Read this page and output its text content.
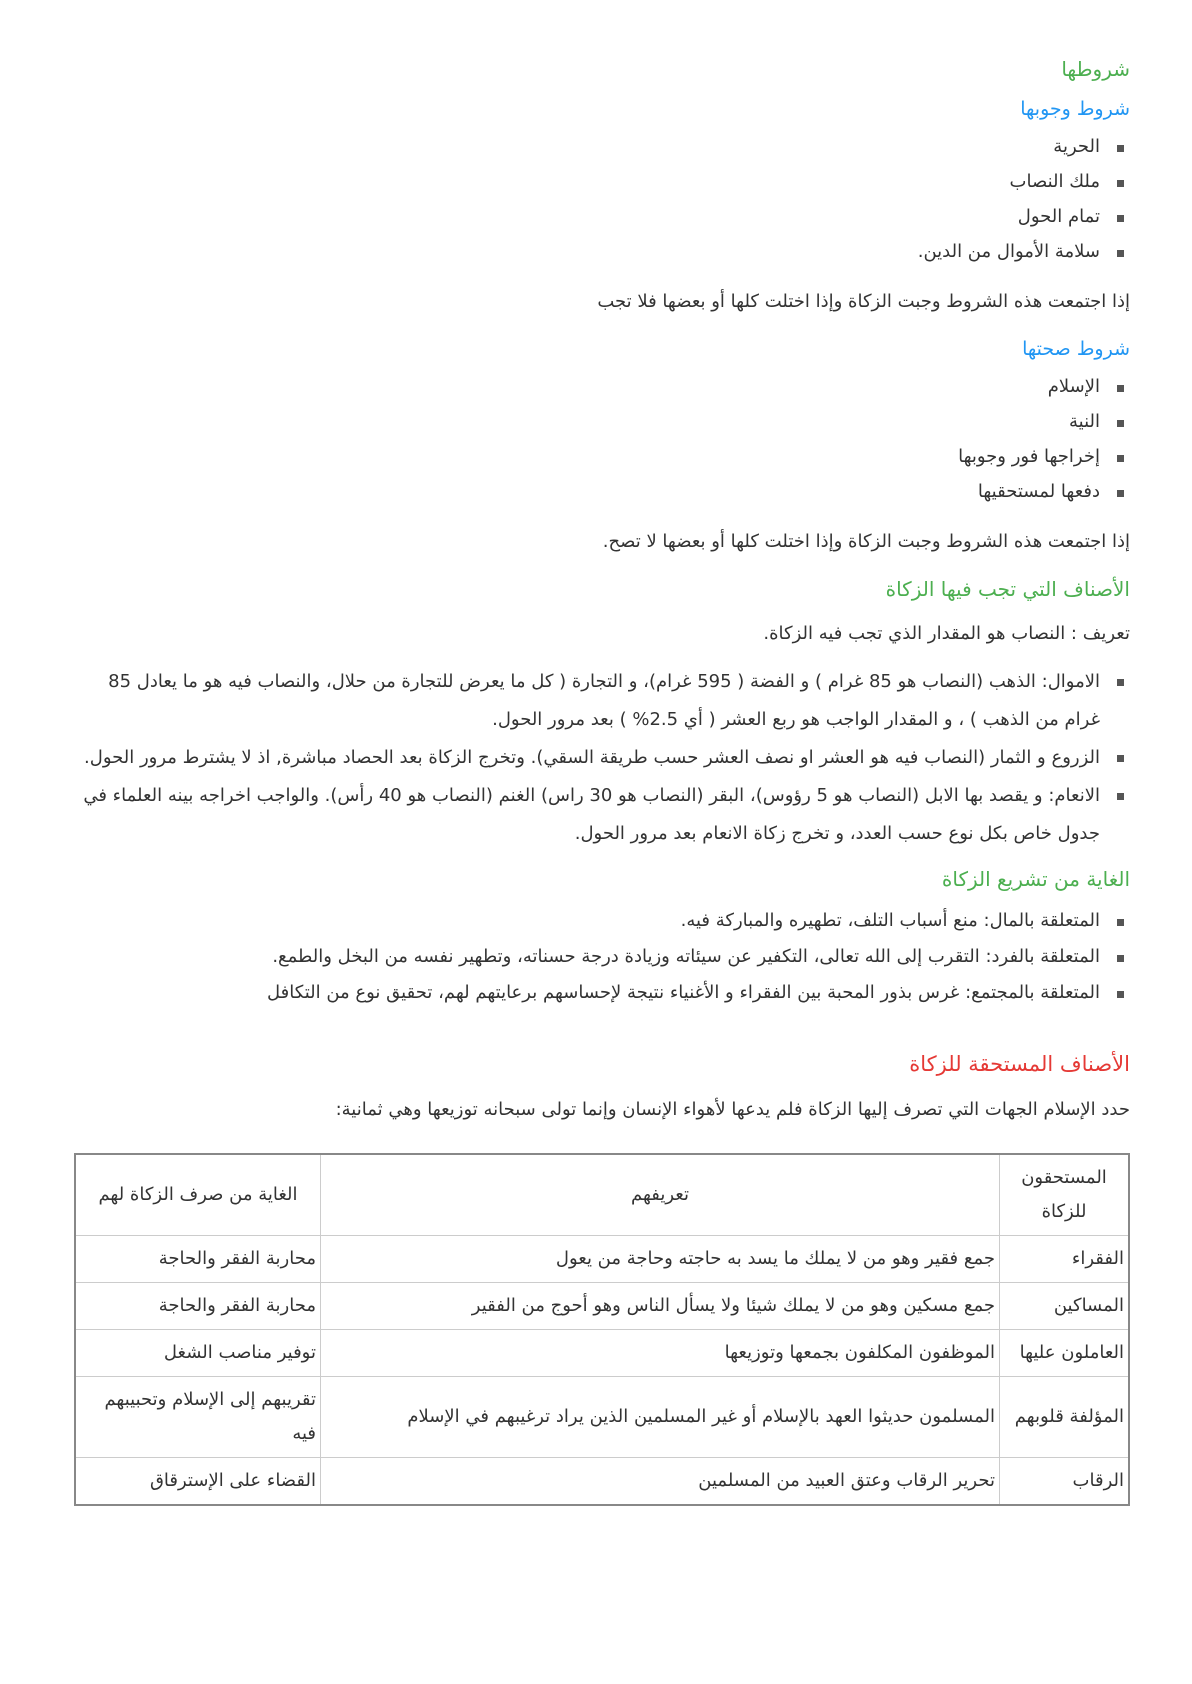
شروطها
شروط وجوبها
الحرية
ملك النصاب
تمام الحول
سلامة الأموال من الدين.

إذا اجتمعت هذه الشروط وجبت الزكاة وإذا اختلت كلها أو بعضها فلا تجب

شروط صحتها
الإسلام
النية
إخراجها فور وجوبها
دفعها لمستحقيها

إذا اجتمعت هذه الشروط وجبت الزكاة وإذا اختلت كلها أو بعضها لا تصح.

الأصناف التي تجب فيها الزكاة

تعريف : النصاب هو المقدار الذي تجب فيه الزكاة.

الاموال: الذهب (النصاب هو 85 غرام ) و الفضة ( 595 غرام)، و التجارة ( كل ما يعرض للتجارة من حلال، والنصاب فيه هو ما يعادل 85 غرام من الذهب ) ، و المقدار الواجب هو ربع العشر ( أي 2.5% ) بعد مرور الحول.
الزروع و الثمار (النصاب فيه هو العشر او نصف العشر حسب طريقة السقي). وتخرج الزكاة بعد الحصاد مباشرة, اذ لا يشترط مرور الحول.
الانعام: و يقصد بها الابل (النصاب هو 5 رؤوس)، البقر (النصاب هو 30 راس) الغنم (النصاب هو 40 رأس). والواجب اخراجه بينه العلماء في جدول خاص بكل نوع حسب العدد، و تخرج زكاة الانعام بعد مرور الحول.
الغاية من تشريع الزكاة
المتعلقة بالمال: منع أسباب التلف، تطهيره والمباركة فيه.
المتعلقة بالفرد: التقرب إلى الله تعالى، التكفير عن سيئاته وزيادة درجة حسناته، وتطهير نفسه من البخل والطمع.
المتعلقة بالمجتمع: غرس بذور المحبة بين الفقراء و الأغنياء نتيجة لإحساسهم برعايتهم لهم، تحقيق نوع من التكافل
الأصناف المستحقة للزكاة

حدد الإسلام الجهات التي تصرف إليها الزكاة فلم يدعها لأهواء الإنسان وإنما تولى سبحانه توزيعها وهي ثمانية:

المستحقون للزكاة	تعريفهم	الغاية من صرف الزكاة لهم
الفقراء	جمع فقير وهو من لا يملك ما يسد به حاجته وحاجة من يعول	محاربة الفقر والحاجة
المساكين	جمع مسكين وهو من لا يملك شيئا ولا يسأل الناس وهو أحوج من الفقير	محاربة الفقر والحاجة
العاملون عليها	الموظفون المكلفون بجمعها وتوزيعها	توفير مناصب الشغل
المؤلفة قلوبهم	المسلمون حديثوا العهد بالإسلام أو غير المسلمين الذين يراد ترغيبهم في الإسلام	تقريبهم إلى الإسلام وتحبيبهم فيه
الرقاب	تحرير الرقاب وعتق العبيد من المسلمين	القضاء على الإسترقاق
